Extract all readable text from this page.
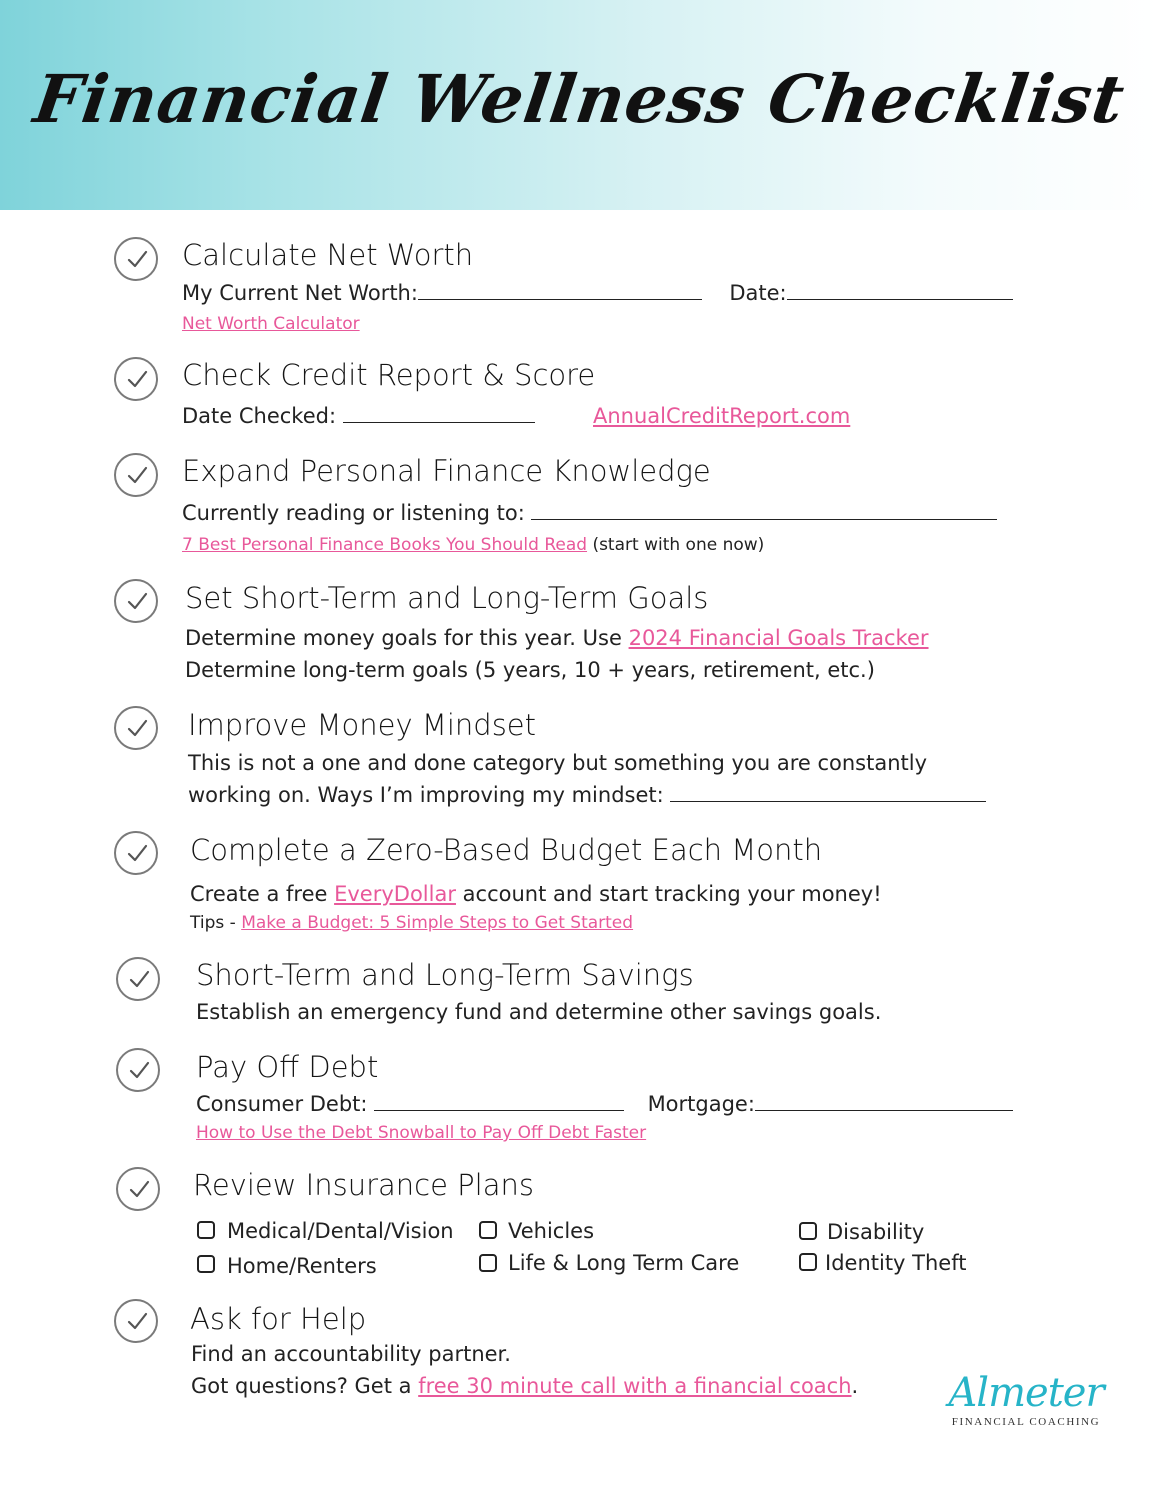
Financial Wellness Checklist
Calculate Net Worth
My Current Net Worth:	Date:
Net Worth Calculator
Check Credit Report & Score
Date Checked:	AnnualCreditReport.com
Expand Personal Finance Knowledge
Currently reading or listening to:
7 Best Personal Finance Books You Should Read (start with one now)
Set Short-Term and Long-Term Goals
Determine money goals for this year. Use 2024 Financial Goals Tracker
Determine long-term goals (5 years, 10 + years, retirement, etc.)
Improve Money Mindset
This is not a one and done category but something you are constantly
working on. Ways I’m improving my mindset:
Complete a Zero-Based Budget Each Month
Create a free EveryDollar account and start tracking your money!
Tips - Make a Budget: 5 Simple Steps to Get Started
Short-Term and Long-Term Savings
Establish an emergency fund and determine other savings goals.
Pay Off Debt
Consumer Debt:	Mortgage:
How to Use the Debt Snowball to Pay Off Debt Faster
Review Insurance Plans
Medical/Dental/Vision	Vehicles	Disability
Home/Renters	Life & Long Term Care	Identity Theft
Ask for Help
Find an accountability partner.
Got questions? Get a free 30 minute call with a financial coach. Almeter
FINANCIAL COACHING
